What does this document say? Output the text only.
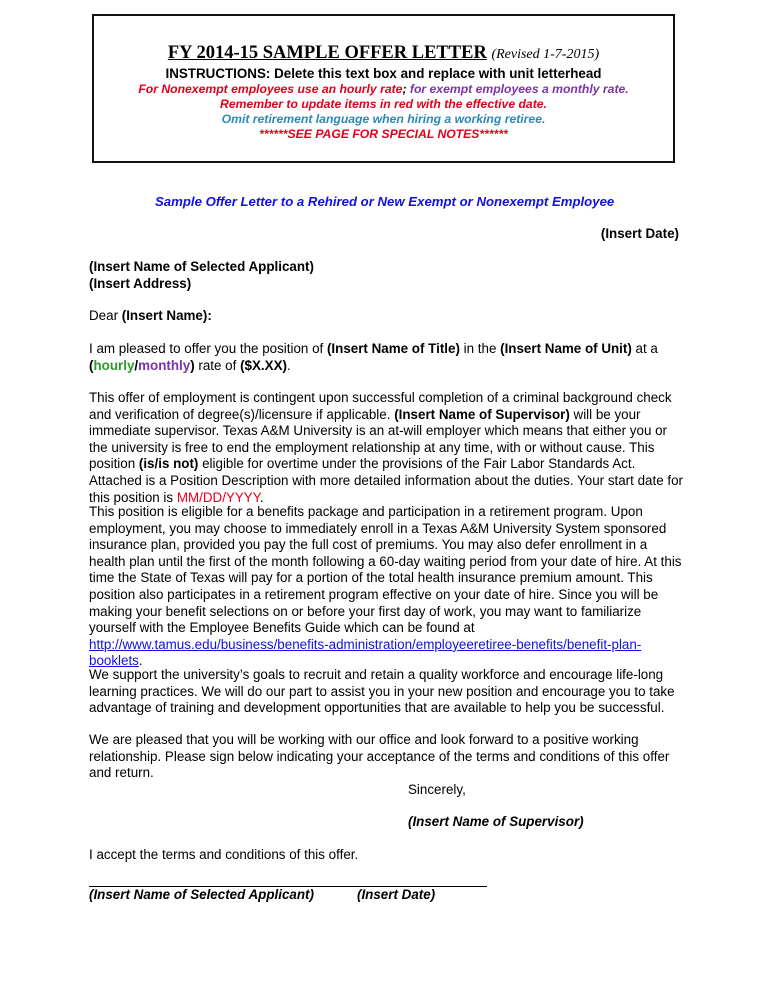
FY 2014-15 SAMPLE OFFER LETTER (Revised 1-7-2015)
INSTRUCTIONS: Delete this text box and replace with unit letterhead
For Nonexempt employees use an hourly rate; for exempt employees a monthly rate.
Remember to update items in red with the effective date.
Omit retirement language when hiring a working retiree.
******SEE PAGE FOR SPECIAL NOTES******
Sample Offer Letter to a Rehired or New Exempt or Nonexempt Employee
(Insert Date)
(Insert Name of Selected Applicant)
(Insert Address)
Dear (Insert Name):
I am pleased to offer you the position of (Insert Name of Title) in the (Insert Name of Unit) at a
(hourly/monthly) rate of ($X.XX).
This offer of employment is contingent upon successful completion of a criminal background check and verification of degree(s)/licensure if applicable. (Insert Name of Supervisor) will be your immediate supervisor. Texas A&M University is an at-will employer which means that either you or the university is free to end the employment relationship at any time, with or without cause. This position (is/is not) eligible for overtime under the provisions of the Fair Labor Standards Act. Attached is a Position Description with more detailed information about the duties. Your start date for this position is MM/DD/YYYY.
This position is eligible for a benefits package and participation in a retirement program. Upon employment, you may choose to immediately enroll in a Texas A&M University System sponsored insurance plan, provided you pay the full cost of premiums. You may also defer enrollment in a health plan until the first of the month following a 60-day waiting period from your date of hire. At this time the State of Texas will pay for a portion of the total health insurance premium amount. This position also participates in a retirement program effective on your date of hire. Since you will be making your benefit selections on or before your first day of work, you may want to familiarize yourself with the Employee Benefits Guide which can be found at
http://www.tamus.edu/business/benefits-administration/employeeretiree-benefits/benefit-plan-
booklets.
We support the university’s goals to recruit and retain a quality workforce and encourage life-long learning practices. We will do our part to assist you in your new position and encourage you to take advantage of training and development opportunities that are available to help you be successful.
We are pleased that you will be working with our office and look forward to a positive working relationship. Please sign below indicating your acceptance of the terms and conditions of this offer and return.
Sincerely,
(Insert Name of Supervisor)
I accept the terms and conditions of this offer.
(Insert Name of Selected Applicant)	(Insert Date)
